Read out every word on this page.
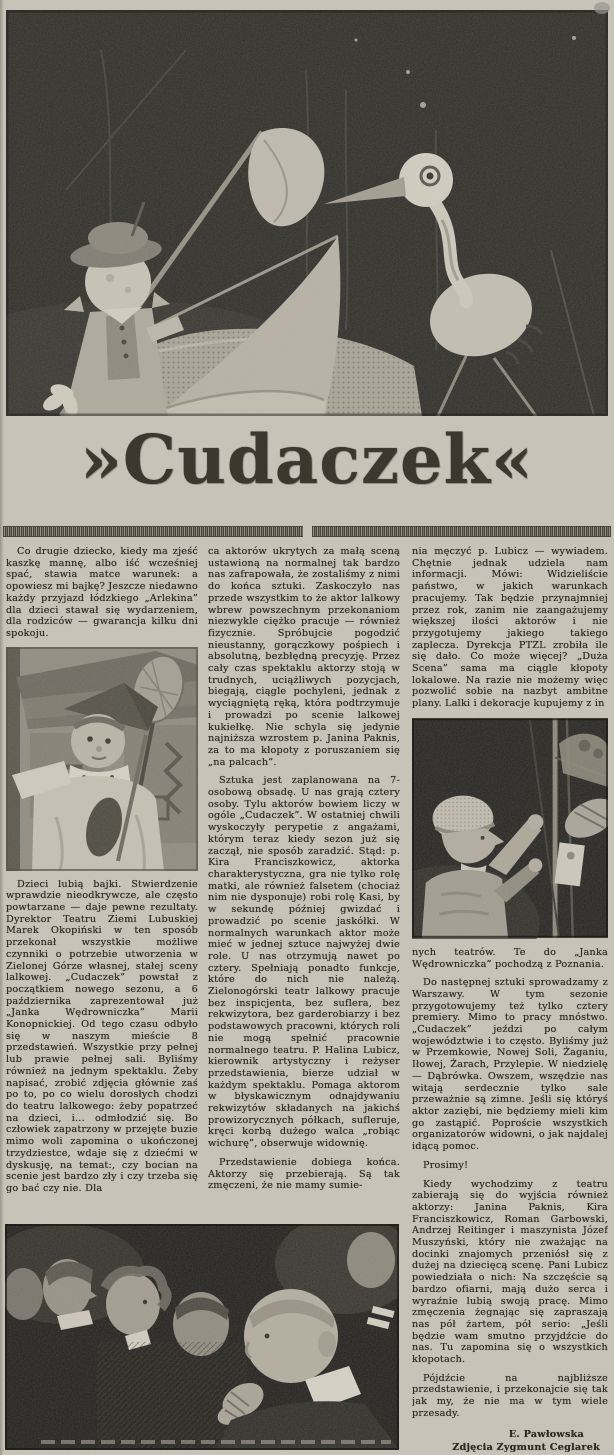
»Cudaczek«

Co drugie dziecko, kiedy ma zjeść kaszkę mannę, albo iść wcześniej spać, stawia matce warunek: a opowiesz mi bajkę? Jeszcze niedawno każdy przyjazd łódzkiego „Arlekina” dla dzieci stawał się wydarzeniem, dla rodziców — gwarancja kilku dni spokoju.

Dzieci lubią bajki. Stwierdzenie wprawdzie nieodkrywcze, ale często powtarzane — daje pewne rezultaty. Dyrektor Teatru Ziemi Lubuskiej Marek Okopiński w ten sposób przekonał wszystkie możliwe czynniki o potrzebie utworzenia w Zielonej Górze własnej, stałej sceny lalkowej. „Cudaczek” powstał z początkiem nowego sezonu, a 6 października zaprezentował już „Janka Wędrowniczka” Marii Konopnickiej. Od tego czasu odbyło się w naszym mieście 8 przedstawień. Wszystkie przy pełnej lub prawie pełnej sali. Byliśmy również na jednym spektaklu. Żeby napisać, zrobić zdjęcia głównie zaś po to, po co wielu dorosłych chodzi do teatru lalkowego: żeby popatrzeć na dzieci, i... odmłodzić się. Bo człowiek zapatrzony w przejęte buzie mimo woli zapomina o ukończonej trzydziestce, wdaje się z dziećmi w dyskusję, na temat:, czy bocian na scenie jest bardzo zły i czy trzeba się go bać czy nie. Dla

ca aktorów ukrytych za małą sceną ustawioną na normalnej tak bardzo nas zafrapowała, że zostaliśmy z nimi do końca sztuki. Zaskoczyło nas przede wszystkim to że aktor lalkowy wbrew powszechnym przekonaniom niezwykle ciężko pracuje — również fizycznie. Spróbujcie pogodzić nieustanny, gorączkowy pośpiech i absolutną, bezbłędną precyzję. Przez cały czas spektaklu aktorzy stoją w trudnych, uciążliwych pozycjach, biegają, ciągle pochyleni, jednak z wyciągniętą ręką, która podtrzymuje i prowadzi po scenie lalkowej kukiełkę. Nie schyla się jedynie najniższa wzrostem p. Janina Paknis, za to ma kłopoty z poruszaniem się „na palcach”.

Sztuka jest zaplanowana na 7-osobową obsadę. U nas grają cztery osoby. Tylu aktorów bowiem liczy w ogóle „Cudaczek”. W ostatniej chwili wyskoczyły perypetie z angażami, którym teraz kiedy sezon już się zaczął, nie sposób zaradzić. Stąd: p. Kira Franciszkowicz, aktorka charakterystyczna, gra nie tylko rolę matki, ale również falsetem (chociaż nim nie dysponuje) robi rolę Kasi, by w sekundę później gwizdać i prowadzić po scenie jaskółki. W normalnych warunkach aktor może mieć w jednej sztuce najwyżej dwie role. U nas otrzymują nawet po cztery. Spełniają ponadto funkcje, które do nich nie należą. Zielonogórski teatr lalkowy pracuje bez inspicjenta, bez suflera, bez rekwizytora, bez garderobiarzy i bez podstawowych pracowni, których roli nie mogą spełnić pracownie normalnego teatru. P. Halina Lubicz, kierownik artystyczny i reżyser przedstawienia, bierze udział w każdym spektaklu. Pomaga aktorom w błyskawicznym odnajdywaniu rekwizytów składanych na jakichś prowizorycznych półkach, sufleruje, kręci korbą dużego walca „robiąc wichurę”, obserwuje widownię.

Przedstawienie dobiega końca. Aktorzy się przebierają. Są tak zmęczeni, że nie mamy sumie-

nia męczyć p. Lubicz — wywiadem. Chętnie jednak udziela nam informacji. Mówi: Widzieliście państwo, w jakich warunkach pracujemy. Tak będzie przynajmniej przez rok, zanim nie zaangażujemy większej ilości aktorów i nie przygotujemy jakiego takiego zaplecza. Dyrekcja PTZL zrobiła ile się dało. Co może więcej? „Duża Scena” sama ma ciągle kłopoty lokalowe. Na razie nie możemy więc pozwolić sobie na nazbyt ambitne plany. Lalki i dekoracje kupujemy z in

nych teatrów. Te do „Janka Wędrowniczka” pochodzą z Poznania.

Do następnej sztuki sprowadzamy z Warszawy. W tym sezonie przygotowujemy też tylko cztery premiery. Mimo to pracy mnóstwo. „Cudaczek” jeździ po całym województwie i to często. Byliśmy już w Przemkowie, Nowej Soli, Żaganiu, Iłowej, Żarach, Przylepie. W niedzielę — Dąbrówka. Owszem, wszędzie nas witają serdecznie tylko sale przeważnie są zimne. Jeśli się któryś aktor zaziębi, nie będziemy mieli kim go zastąpić. Poproście wszystkich organizatorów widowni, o jak najdalej idącą pomoc.

Prosimy!

Kiedy wychodzimy z teatru zabierają się do wyjścia również aktorzy: Janina Paknis, Kira Franciszkowicz, Roman Garbowski, Andrzej Reitinger i maszynista Józef Muszyński, który nie zważając na docinki znajomych przeniósł się z dużej na dziecięcą scenę. Pani Lubicz powiedziała o nich: Na szczęście są bardzo ofiarni, mają dużo serca i wyraźnie lubią swoją pracę. Mimo zmęczenia żegnając się zapraszają nas pół żartem, pół serio: „Jeśli będzie wam smutno przyjdźcie do nas. Tu zapomina się o wszystkich kłopotach.

Pójdźcie na najbliższe przedstawienie, i przekonajcie się tak jak my, że nie ma w tym wiele przesady.

E. Pawłowska

Zdjęcia Zygmunt Ceglarek
